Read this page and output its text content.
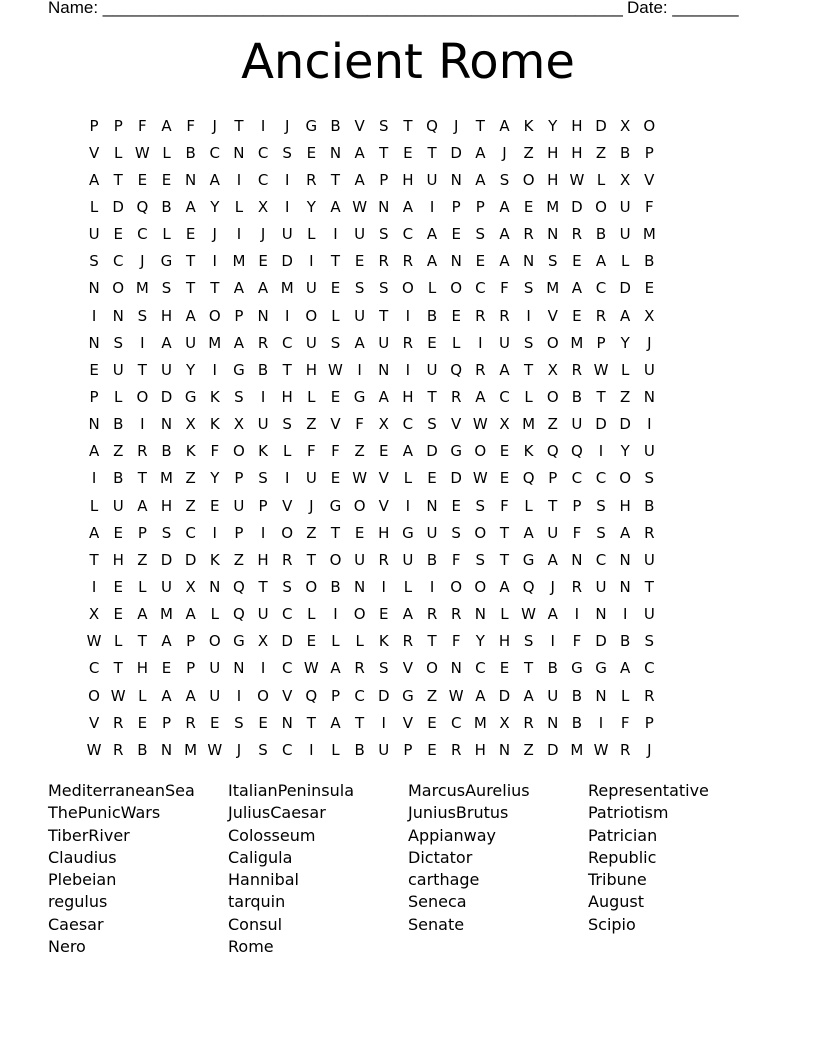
Name: _______________________________________________________ Date: _______
Ancient Rome
P	P	F A F	J	T	I	J	G B V S T Q	J	T A K Y H D X O
V L W L B C N C S E N A T E T D A	J	Z H H Z B P
A T E E N A	I	C	I	R T A P H U N A S O H W L X V
L D Q B A Y	L X	I	Y A W N A	I	P	P A E M D O U F
U E C L	E	J	I	J	U L	I	U S C A E S A R N R B U M
S C	J	G T	I	M E D	I	T E R R A N E A N S E A L B
N O M S T T A A M U E S S O L O C F	S M A C D E
I	N S H A O P N	I	O L U T	I	B E R R	I	V E R A X
N S	I	A U M A R C U S A U R E	L	I	U S O M P	Y	J
E U T U Y	I	G B T H W I	N	I	U Q R A T X R W L U
P	L O D G K S	I	H L	E G A H T R A C L O B T Z N
N B	I	N X K X U S Z V F X C S V W X M Z U D D	I
A Z R B K F O K	L	F	F Z E A D G O E K Q Q	I	Y U
I	B T M Z Y	P S	I	U E W V L	E D W E Q P C C O S
L U A H Z E U P V	J	G O V	I	N E S	F	L	T	P S H B
A E P S C	I	P	I	O Z T E H G U S O T A U F	S A R
T H Z D D K Z H R T O U R U B F	S T G A N C N U
I	E	L U X N Q T S O B N	I	L	I	O O A Q	J	R U N T
X E A M A L Q U C L	I	O E A R R N L W A	I	N	I	U
W L	T A P O G X D E	L	L	K R T	F	Y H S	I	F D B S
C T H E P U N	I	C W A R S V O N C E T B G G A C
O W L A A U	I	O V Q P C D G Z W A D A U B N L R
V R E P R E S E N T A T	I	V E C M X R N B	I	F	P
W R B N M W J	S C	I	L B U P E R H N Z D M W R	J
MediterraneanSea
ThePunicWars
TiberRiver
Claudius
Plebeian
regulus
Caesar
Nero
ItalianPeninsula
JuliusCaesar
Colosseum
Caligula
Hannibal
tarquin
Consul
Rome
MarcusAurelius
JuniusBrutus
Appianway
Dictator
carthage
Seneca
Senate
Representative
Patriotism
Patrician
Republic
Tribune
August
Scipio
